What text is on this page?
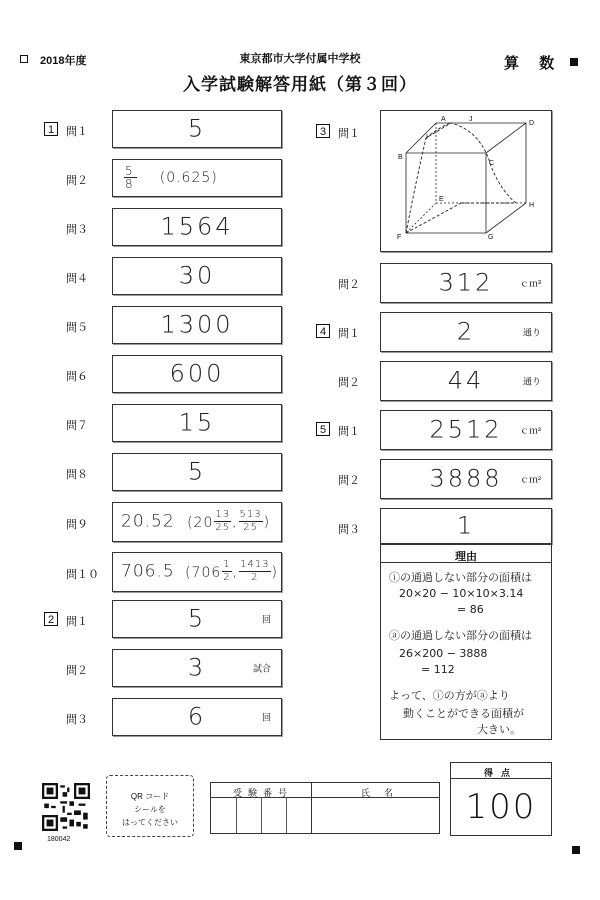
2018年度	東京都市大学付属中学校
入学試験解答用紙（第３回）
算 数
1	問１	5
問２	$\frac{5}{8} (0.625)$
問３	1564
問４	30
問５	1300
問６	600
問７	15
問８	5
問９ 20.52 ($20 \frac{13}{25}$ , $\frac{513}{25}$ )
問１０ 706.5 ($706 \frac{1}{2}$ , $\frac{1413}{2}$ )
2	問１	5	回
問２	3	試合
問３	6	回
3	問１
A	J
D
I
B
C
E
H
F	G
問２	312	ｃｍ³
4	問１	2	通り
問２	44	通り
5	問１	2512	ｃｍ²
問２	3888	ｃｍ²
問３	1
理由
ⓘの通過しない部分の面積は
20×20 − 10×10×3.14
= 86
ⓐの通過しない部分の面積は
26×200 − 3888
= 112
よって、ⓘの方がⓐより
動くことができる面積が
大きい。
180042
QR コード
シールを
はってください
受験番号	氏名
得点
100
